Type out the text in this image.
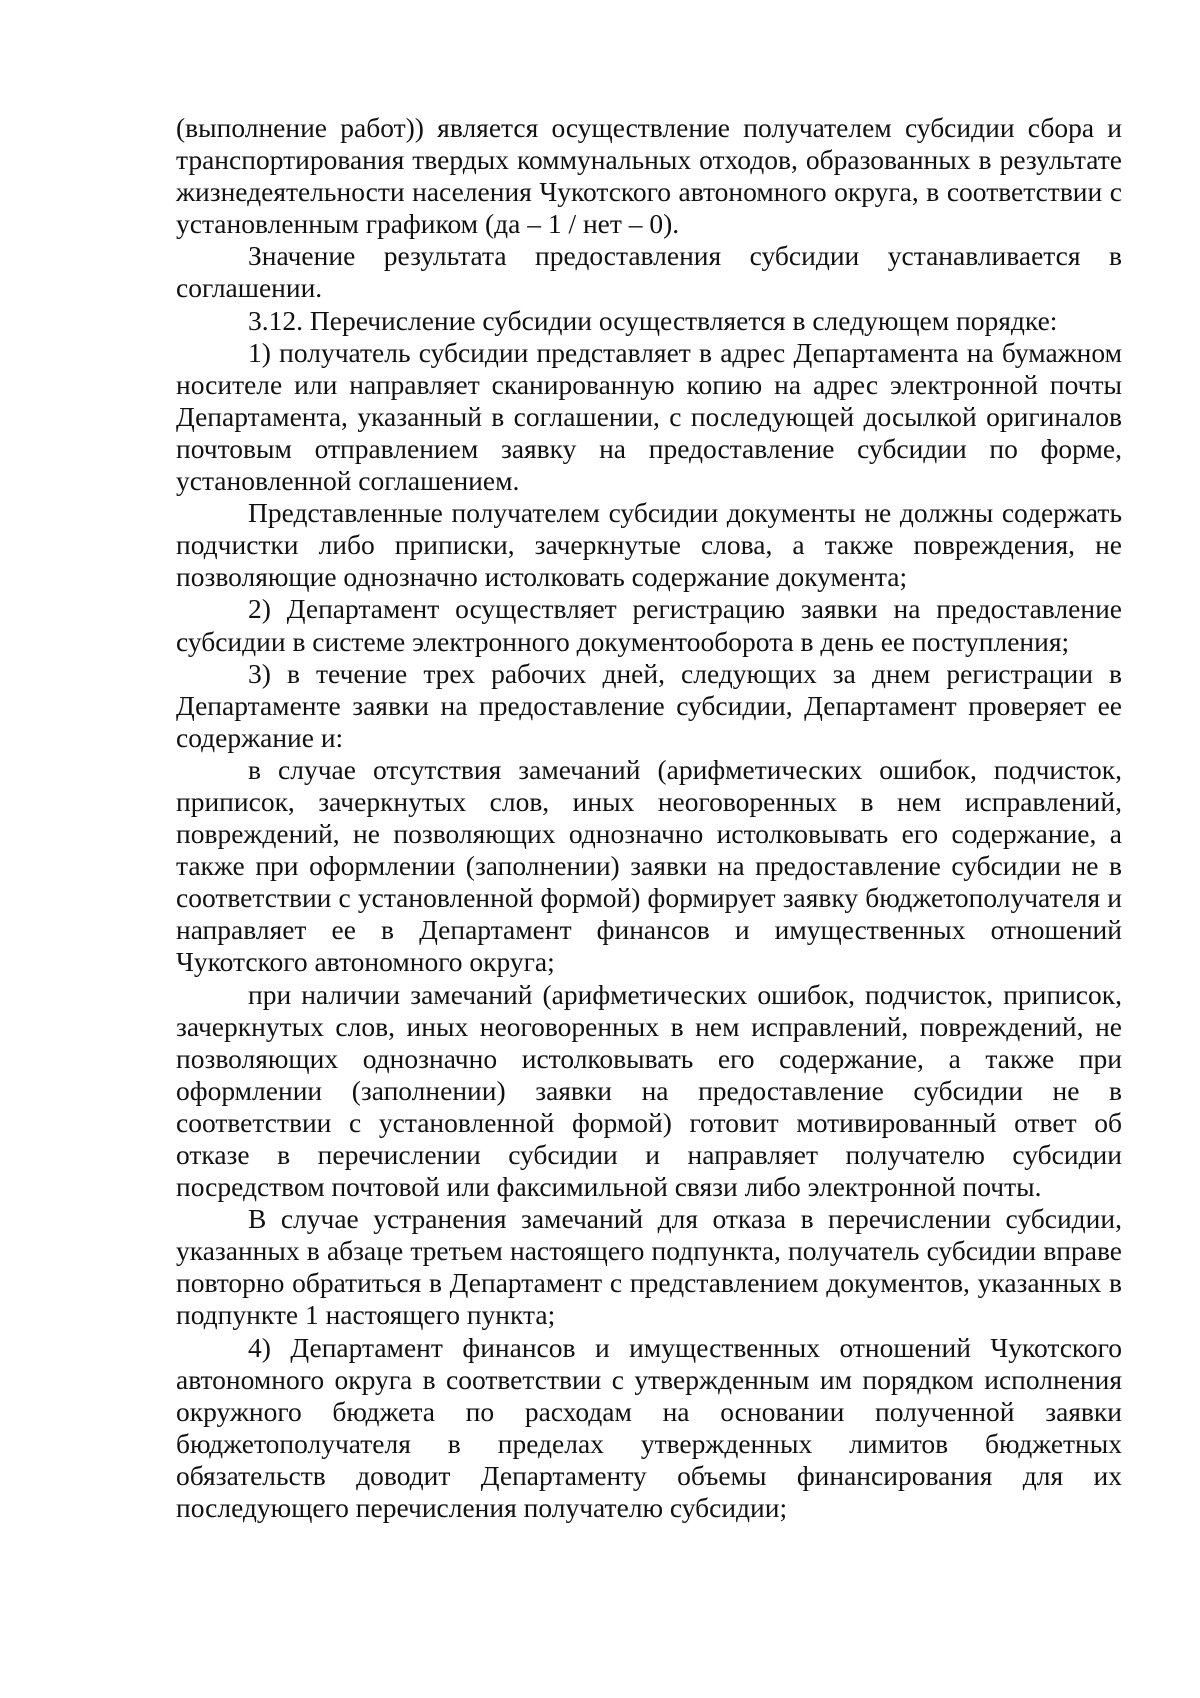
(выполнение работ)) является осуществление получателем субсидии сбора и транспортирования твердых коммунальных отходов, образованных в результате жизнедеятельности населения Чукотского автономного округа, в соответствии с установленным графиком (да – 1 / нет – 0).

Значение результата предоставления субсидии устанавливается в соглашении.

3.12. Перечисление субсидии осуществляется в следующем порядке:

1) получатель субсидии представляет в адрес Департамента на бумажном носителе или направляет сканированную копию на адрес электронной почты Департамента, указанный в соглашении, с последующей досылкой оригиналов почтовым отправлением заявку на предоставление субсидии по форме, установленной соглашением.

Представленные получателем субсидии документы не должны содержать подчистки либо приписки, зачеркнутые слова, а также повреждения, не позволяющие однозначно истолковать содержание документа;

2) Департамент осуществляет регистрацию заявки на предоставление субсидии в системе электронного документооборота в день ее поступления;

3) в течение трех рабочих дней, следующих за днем регистрации в Департаменте заявки на предоставление субсидии, Департамент проверяет ее содержание и:

в случае отсутствия замечаний (арифметических ошибок, подчисток, приписок, зачеркнутых слов, иных неоговоренных в нем исправлений, повреждений, не позволяющих однозначно истолковывать его содержание, а также при оформлении (заполнении) заявки на предоставление субсидии не в соответствии с установленной формой) формирует заявку бюджетополучателя и направляет ее в Департамент финансов и имущественных отношений Чукотского автономного округа;

при наличии замечаний (арифметических ошибок, подчисток, приписок, зачеркнутых слов, иных неоговоренных в нем исправлений, повреждений, не позволяющих однозначно истолковывать его содержание, а также при оформлении (заполнении) заявки на предоставление субсидии не в соответствии с установленной формой) готовит мотивированный ответ об отказе в перечислении субсидии и направляет получателю субсидии посредством почтовой или факсимильной связи либо электронной почты.

В случае устранения замечаний для отказа в перечислении субсидии, указанных в абзаце третьем настоящего подпункта, получатель субсидии вправе повторно обратиться в Департамент с представлением документов, указанных в подпункте 1 настоящего пункта;

4) Департамент финансов и имущественных отношений Чукотского автономного округа в соответствии с утвержденным им порядком исполнения окружного бюджета по расходам на основании полученной заявки бюджетополучателя в пределах утвержденных лимитов бюджетных обязательств доводит Департаменту объемы финансирования для их последующего перечисления получателю субсидии;
